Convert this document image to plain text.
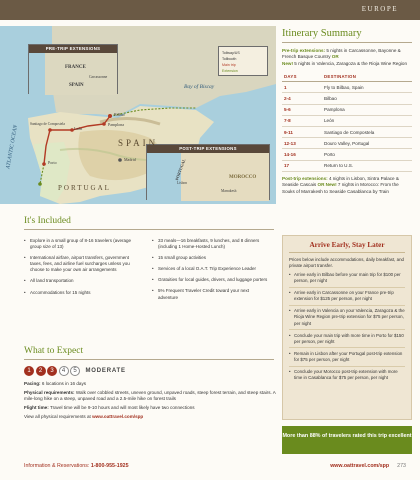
EUROPE
PRE-TRIP EXTENSIONS
FRANCE
SPAIN
Carcassonne
Tollway/US
Tollbooth
Main trip
Extension
POST-TRIP EXTENSIONS
PORTUGAL
Lisbon
MOROCCO
Marrakesh
Bay of Biscay
SPAIN
PORTUGAL
ATLANTIC OCEAN
Bilbao
Pamplona
León
Santiago de Compostela
Porto
Madrid
Itinerary Summary

Pre-trip extensions: 5 nights in Carcassonne, Bayonne & French Basque Country OR
New! 5 nights in Valencia, Zaragoza & the Rioja Wine Region

DAYS	DESTINATION
1	Fly to Bilbao, Spain
2-4	Bilbao
5-6	Pamplona
7-8	León
9-11	Santiago de Compostela
12-13	Douro Valley, Portugal
14-16	Porto
17	Return to U.S.

Post-trip extensions: 4 nights in Lisbon, Sintra Palace & Seaside Cascais OR New! 7 nights in Morocco: From the Souks of Marrakesh to Seaside Casablanca by Train

It's Included
• Explore in a small group of 8-16 travelers (average group size of 13)
• International airfare, airport transfers, government taxes, fees, and airline fuel surcharges unless you choose to make your own air arrangements
• All land transportation
• Accommodations for 15 nights
• 33 meals—16 breakfasts, 9 lunches, and 8 dinners (including 1 Home-Hosted Lunch)
• 15 small group activities
• Services of a local O.A.T. Trip Experience Leader
• Gratuities for local guides, drivers, and luggage porters
• 5% Frequent Traveler Credit toward your next adventure
What to Expect
1	2	3	4	5	MODERATE

Pacing: 6 locations in 16 days

Physical requirements: Walk over cobbled streets, uneven ground, unpaved roads, steep forest terrain, and steep stairs. A mile-long hike on a steep, unpaved road and a 2.5-mile hike on forest trails

Flight time: Travel time will be 9-10 hours and will most likely have two connections

View all physical requirements at www.oattravel.com/spp

Arrive Early, Stay Later

Prices below include accommodations, daily breakfast, and private airport transfer.

• Arrive early in Bilbao before your main trip for $100 per person, per night
• Arrive early in Carcassonne on your France pre-trip extension for $125 per person, per night
• Arrive early in Valencia on your Valencia, Zaragoza & the Rioja Wine Region pre-trip extension for $75 per person, per night
• Conclude your main trip with more time in Porto for $150 per person, per night
• Remain in Lisbon after your Portugal post-trip extension for $75 per person, per night
• Conclude your Morocco post-trip extension with more time in Casablanca for $75 per person, per night
More than 88% of travelers rated this trip excellent
Information & Reservations: 1-800-955-1925	www.oattravel.com/spp 273
